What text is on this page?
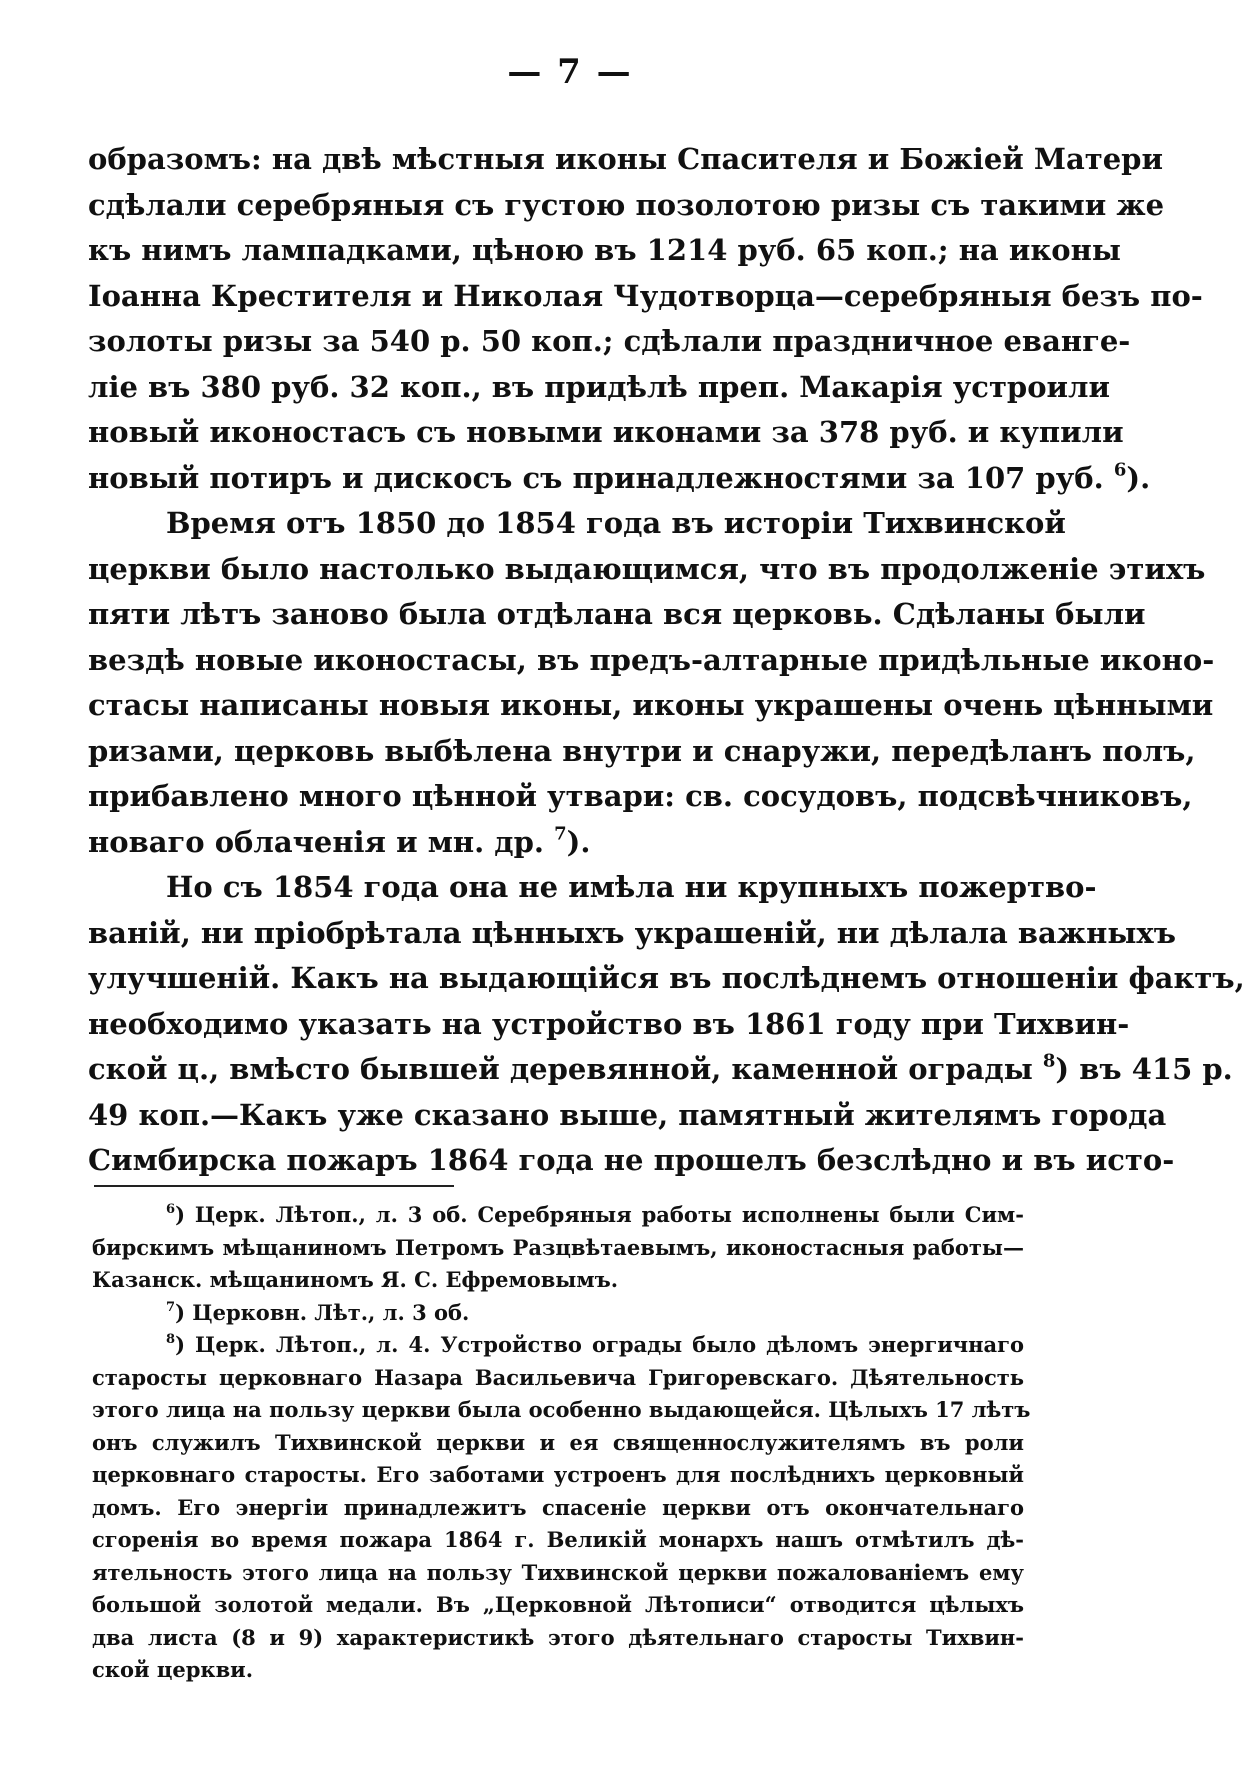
— 7 —
образомъ: на двѣ мѣстныя иконы Спасителя и Божіей Матери
сдѣлали серебряныя съ густою позолотою ризы съ такими же
къ нимъ лампадками, цѣною въ 1214 руб. 65 коп.; на иконы
Іоанна Крестителя и Николая Чудотворца—серебряныя безъ по-
золоты ризы за 540 р. 50 коп.; сдѣлали праздничное еванге-
ліе въ 380 руб. 32 коп., въ придѣлѣ преп. Макарія устроили
новый иконостасъ съ новыми иконами за 378 руб. и купили
новый потиръ и дискосъ съ принадлежностями за 107 руб. $^6$).
Время отъ 1850 до 1854 года въ исторіи Тихвинской
церкви было настолько выдающимся, что въ продолженіе этихъ
пяти лѣтъ заново была отдѣлана вся церковь. Сдѣланы были
вездѣ новые иконостасы, въ предъ-алтарные придѣльные иконо-
стасы написаны новыя иконы, иконы украшены очень цѣнными
ризами, церковь выбѣлена внутри и снаружи, передѣланъ полъ,
прибавлено много цѣнной утвари: св. сосудовъ, подсвѣчниковъ,
новаго облаченія и мн. др. $^7$).
Но съ 1854 года она не имѣла ни крупныхъ пожертво-
ваній, ни пріобрѣтала цѣнныхъ украшеній, ни дѣлала важныхъ
улучшеній. Какъ на выдающійся въ послѣднемъ отношеніи фактъ,
необходимо указать на устройство въ 1861 году при Тихвин-
ской ц., вмѣсто бывшей деревянной, каменной ограды $^8$) въ 415 р.
49 коп.—Какъ уже сказано выше, памятный жителямъ города
Симбирска пожаръ 1864 года не прошелъ безслѣдно и въ исто-
$^6$) Церк. Лѣтоп., л. 3 об. Серебряныя работы исполнены были Сим-
бирскимъ мѣщаниномъ Петромъ Разцвѣтаевымъ, иконостасныя работы—
Казанск. мѣщаниномъ Я. С. Ефремовымъ.
$^7$) Церковн. Лѣт., л. 3 об.
$^8$) Церк. Лѣтоп., л. 4. Устройство ограды было дѣломъ энергичнаго
старосты церковнаго Назара Васильевича Григоревскаго. Дѣятельность
этого лица на пользу церкви была особенно выдающейся. Цѣлыхъ 17 лѣтъ
онъ служилъ Тихвинской церкви и ея священнослужителямъ въ роли
церковнаго старосты. Его заботами устроенъ для послѣднихъ церковный
домъ. Его энергіи принадлежитъ спасеніе церкви отъ окончательнаго
сгоренія во время пожара 1864 г. Великій монархъ нашъ отмѣтилъ дѣ-
ятельность этого лица на пользу Тихвинской церкви пожалованіемъ ему
большой золотой медали. Въ „Церковной Лѣтописи“ отводится цѣлыхъ
два листа (8 и 9) характеристикѣ этого дѣятельнаго старосты Тихвин-
ской церкви.
